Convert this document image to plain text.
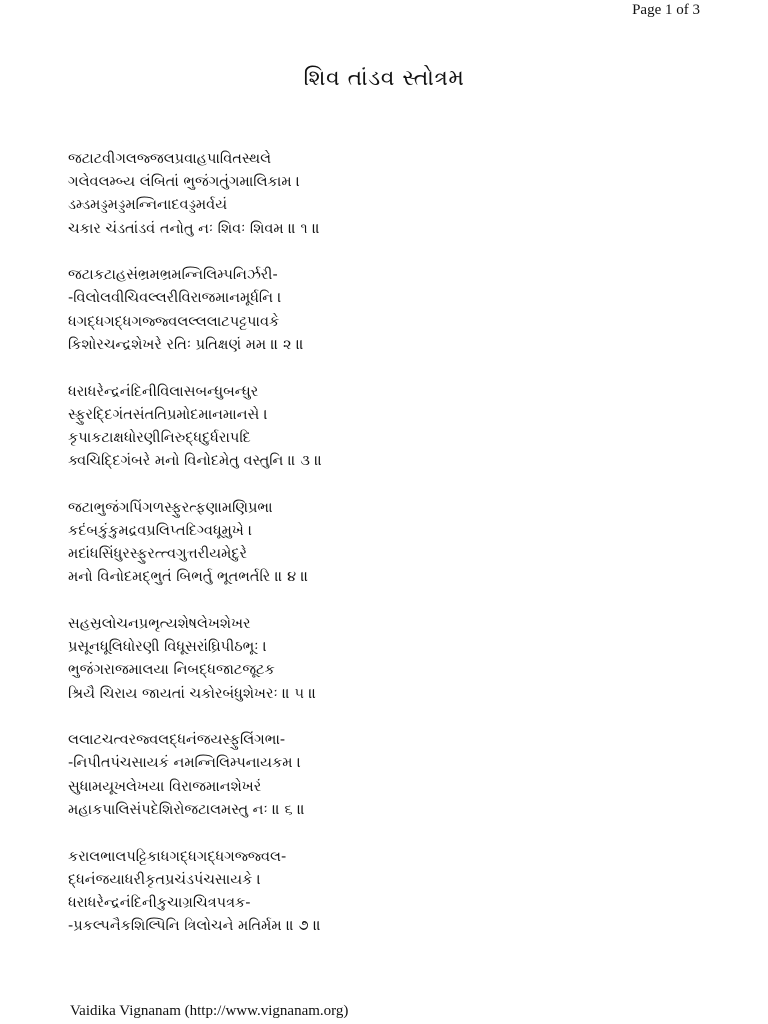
Page 1 of 3
શિવ તાંડવ સ્તોત્રમ
જટાટવીગલજ્જલપ્રવાહપાવિતસ્થલે
ગલેવલમ્બ્ય લંબિતાં ભુજંગતુંગમાલિકામ ।
ડમ્ડમડ્ડમડ્ડમન્નિનાદવડ્ડમર્વયં
ચકાર ચંડતાંડવં તનોતુ નઃ શિવઃ શિવમ ॥ ૧ ॥
જટાકટાહસંભ્રમભ્રમન્નિલિમ્પનિર્ઝરી-
-વિલોલવીચિવલ્લરીવિરાજમાનમૂર્ધનિ ।
ધગદ્ધગદ્ધગજ્જ્વલલ્લલાટપટ્ટપાવકે
કિશોરચન્દ્રશેખરે રતિઃ પ્રતિક્ષણં મમ ॥ ૨ ॥
ધરાધરેન્દ્રનંદિનીવિલાસબન્ધુબન્ધુર
સ્ફુરદ્દિગંતસંતતિપ્રમોદમાનમાનસે ।
કૃપાકટાક્ષધોરણીનિરુદ્ધદુર્ધરાપદિ
ક્વચિદ્દિગંબરે મનો વિનોદમેતુ વસ્તુનિ ॥ ૩ ॥
જટાભુજંગપિંગળસ્ફુરત્ફણામણિપ્રભા
કદંબકુંકુમદ્રવપ્રલિપ્તદિગ્વધૂમુખે ।
મદાંધસિંધુરસ્ફુરત્ત્વગુત્તરીયમેદુરે
મનો વિનોદમદ્ભુતં બિભર્તુ ભૂતભર્તરિ ॥ ૪ ॥
સહસ્રલોચનપ્રભૃત્યશેષલેખશેખર
પ્રસૂનધૂલિધોરણી વિધૂસરાંઘ્રિપીઠભૂઃ ।
ભુજંગરાજમાલયા નિબદ્ધજાટજૂટક
શ્રિયૈ ચિરાય જાયતાં ચકોરબંધુશેખરઃ ॥ ૫ ॥
લલાટચત્વરજ્વલદ્ધનંજયસ્ફુલિંગભા-
-નિપીતપંચસાયકં નમન્નિલિમ્પનાયકમ ।
સુધામયૂખલેખયા વિરાજમાનશેખરં
મહાકપાલિસંપદેશિરોજટાલમસ્તુ નઃ ॥ ૬ ॥
કરાલભાલપટ્ટિકાધગદ્ધગદ્ધગજ્જ્વલ-
દ્ધનંજયાધરીકૃતપ્રચંડપંચસાયકે ।
ધરાધરેન્દ્રનંદિનીકુચાગ્રચિત્રપત્રક-
-પ્રકલ્પનૈકશિલ્પિનિ ત્રિલોચને મતિર્મમ ॥ ૭ ॥
Vaidika Vignanam (http://www.vignanam.org)
